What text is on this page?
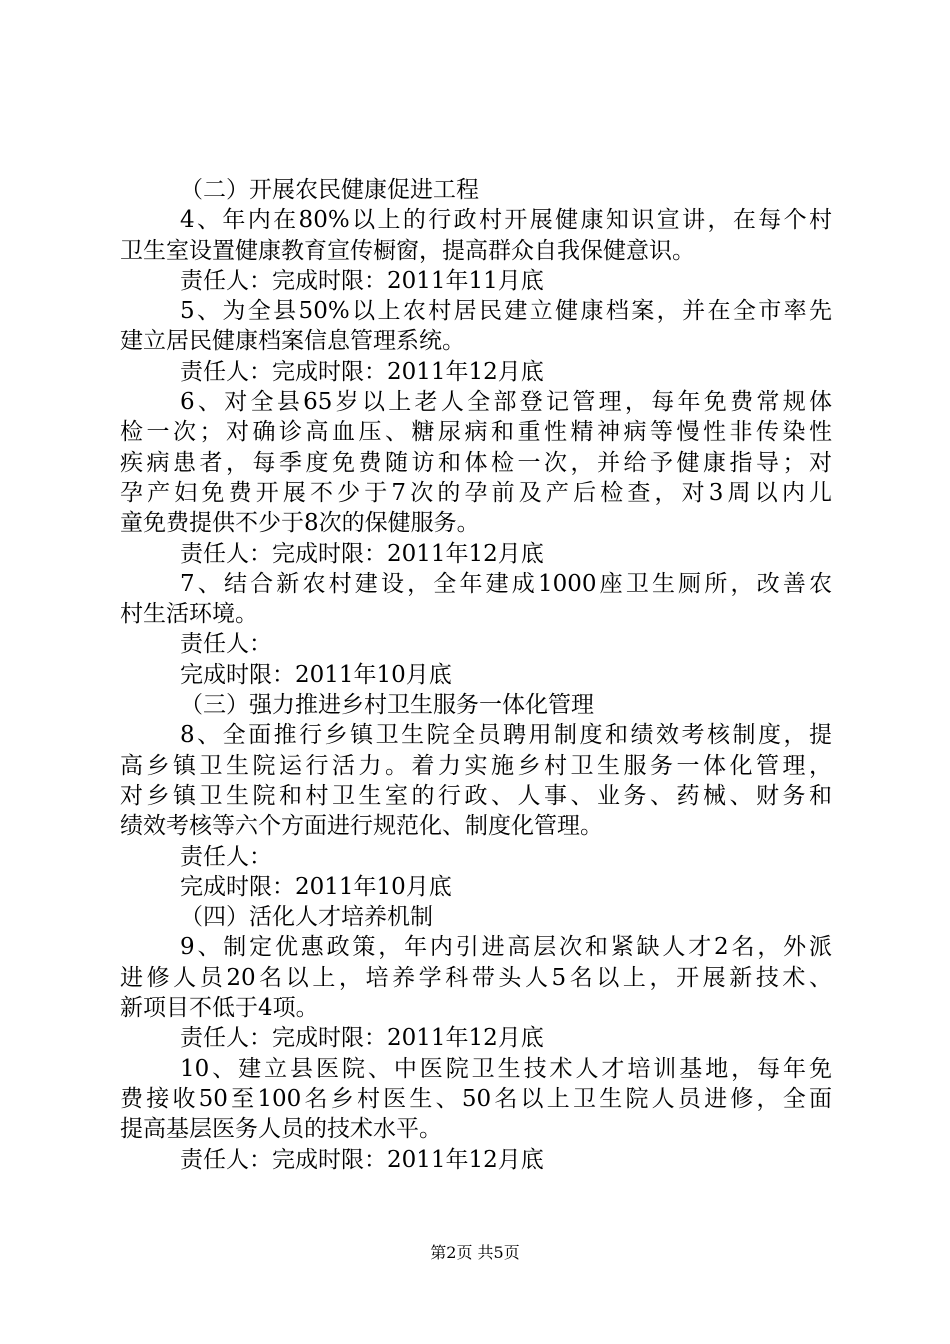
（二）开展农民健康促进工程
4、年内在80%以上的行政村开展健康知识宣讲，在每个村
卫生室设置健康教育宣传橱窗，提高群众自我保健意识。
责任人：完成时限：2011年11月底
5、为全县50%以上农村居民建立健康档案，并在全市率先
建立居民健康档案信息管理系统。
责任人：完成时限：2011年12月底
6、对全县65岁以上老人全部登记管理，每年免费常规体
检一次；对确诊高血压、糖尿病和重性精神病等慢性非传染性
疾病患者，每季度免费随访和体检一次，并给予健康指导；对
孕产妇免费开展不少于7次的孕前及产后检查，对3周以内儿
童免费提供不少于8次的保健服务。
责任人：完成时限：2011年12月底
7、结合新农村建设，全年建成1000座卫生厕所，改善农
村生活环境。
责任人：
完成时限：2011年10月底
（三）强力推进乡村卫生服务一体化管理
8、全面推行乡镇卫生院全员聘用制度和绩效考核制度，提
高乡镇卫生院运行活力。着力实施乡村卫生服务一体化管理，
对乡镇卫生院和村卫生室的行政、人事、业务、药械、财务和
绩效考核等六个方面进行规范化、制度化管理。
责任人：
完成时限：2011年10月底
（四）活化人才培养机制
9、制定优惠政策，年内引进高层次和紧缺人才2名，外派
进修人员20名以上，培养学科带头人5名以上，开展新技术、
新项目不低于4项。
责任人：完成时限：2011年12月底
10、建立县医院、中医院卫生技术人才培训基地，每年免
费接收50至100名乡村医生、50名以上卫生院人员进修，全面
提高基层医务人员的技术水平。
责任人：完成时限：2011年12月底
第2页 共5页
